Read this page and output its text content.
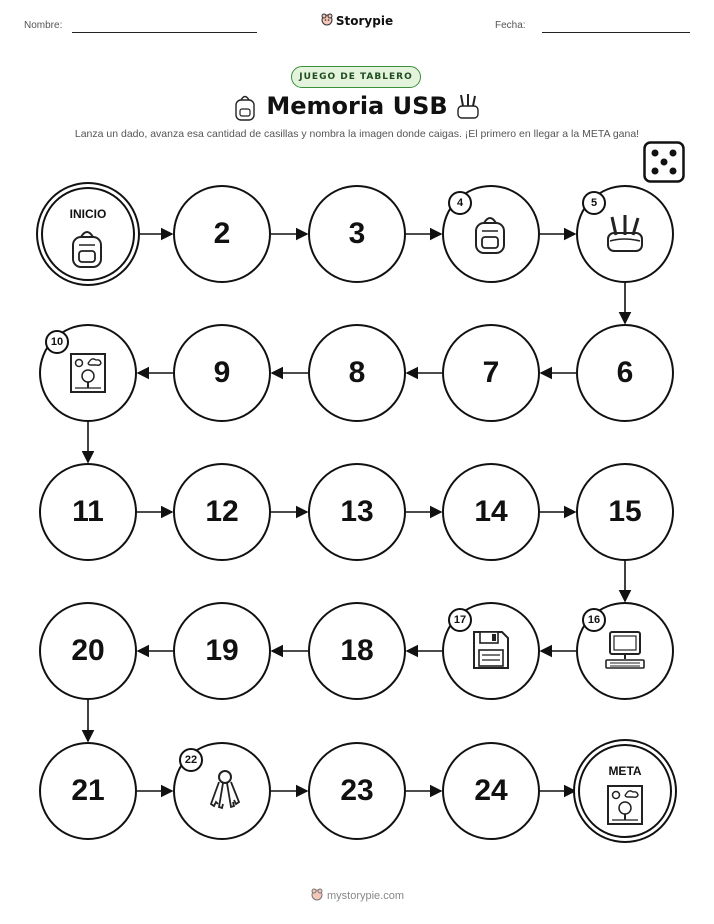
Nombre:	Storypie	Fecha:
JUEGO DE TABLERO
Memoria USB
Lanza un dado, avanza esa cantidad de casillas y nombra la imagen donde caigas. ¡El primero en llegar a la META gana!
INICIO
2	3
4	5
6
7
8
9
10
11	12	13	14	15
16
17
18
19
20
21
22
23	24
META
mystorypie.com
